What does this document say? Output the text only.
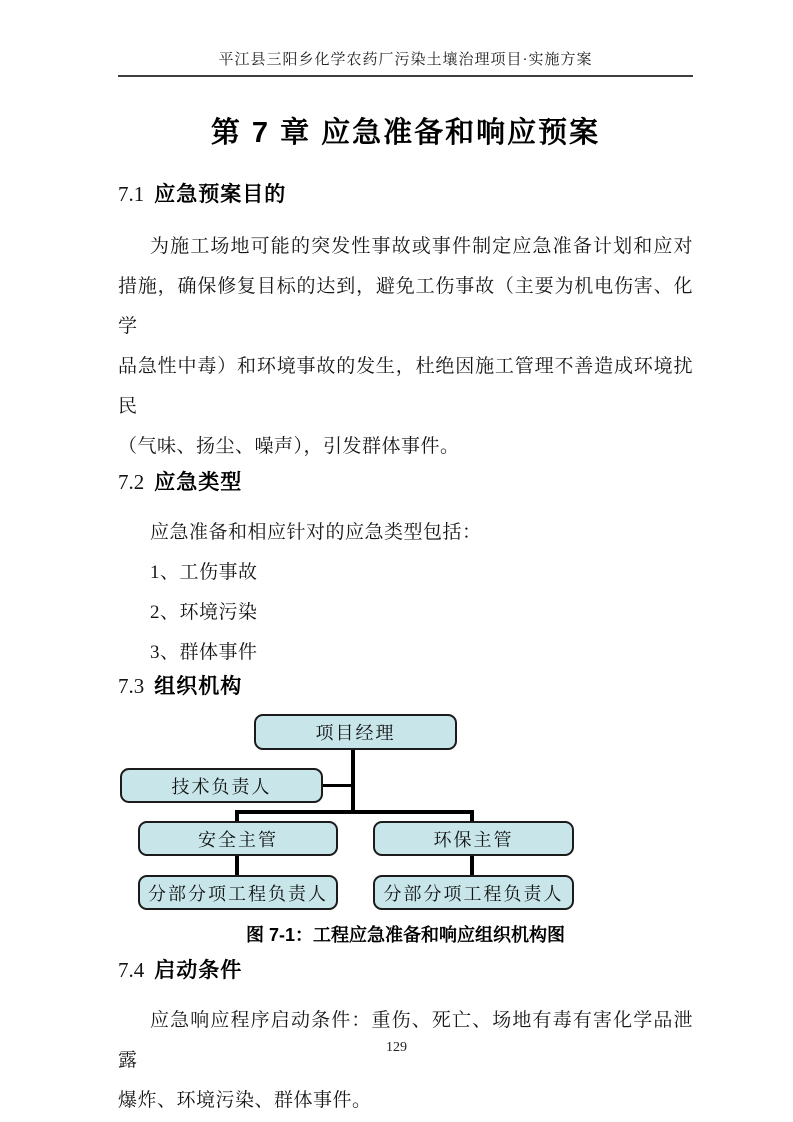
平江县三阳乡化学农药厂污染土壤治理项目·实施方案
第 7 章 应急准备和响应预案
7.1 应急预案目的
为施工场地可能的突发性事故或事件制定应急准备计划和应对
措施，确保修复目标的达到，避免工伤事故（主要为机电伤害、化学
品急性中毒）和环境事故的发生，杜绝因施工管理不善造成环境扰民
（气味、扬尘、噪声），引发群体事件。
7.2 应急类型
应急准备和相应针对的应急类型包括：
1、工伤事故
2、环境污染
3、群体事件
7.3 组织机构
项目经理
技术负责人
安全主管	环保主管
分部分项工程负责人	分部分项工程负责人
图 7-1：工程应急准备和响应组织机构图
7.4 启动条件
应急响应程序启动条件：重伤、死亡、场地有毒有害化学品泄露
爆炸、环境污染、群体事件。
129
